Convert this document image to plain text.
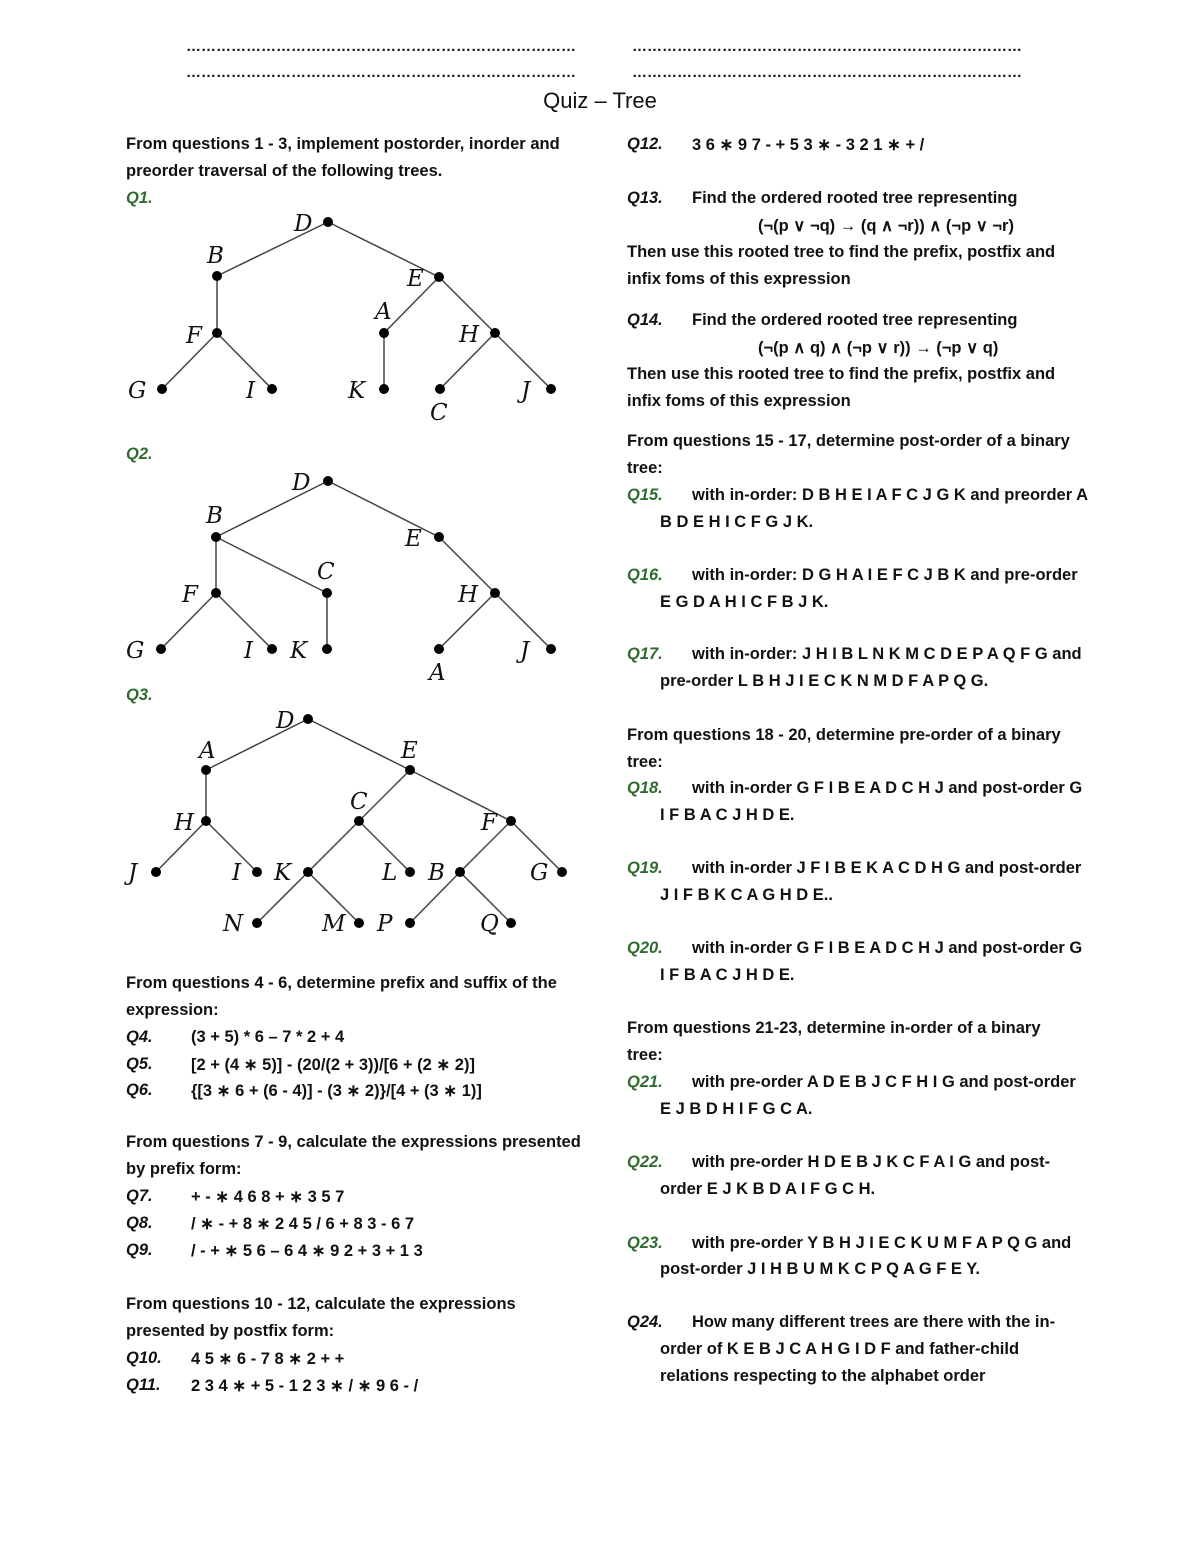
……………………………………………………………………	……………………………………………………………………
……………………………………………………………………	……………………………………………………………………
Quiz – Tree
From questions 1 - 3, implement postorder, inorder and
preorder traversal of the following trees.
Q1.
D
B
E
F
A
H
G	I	K
C
J
Q2.
D
B
E
C
F	H
G	I K
A
J
Q3.
D
A	E
C
H	F
J	I K	L B	G
N	M P	Q
From questions 4 - 6, determine prefix and suffix of the
expression:
Q4. (3 + 5) * 6 – 7 * 2 + 4
Q5. [2 + (4 ∗ 5)] - (20/(2 + 3))/[6 + (2 ∗ 2)]
Q6. {[3 ∗ 6 + (6 - 4)] - (3 ∗ 2)}/[4 + (3 ∗ 1)]
From questions 7 - 9, calculate the expressions presented
by prefix form:
Q7. + - ∗ 4 6 8 + ∗ 3 5 7
Q8. / ∗ - + 8 ∗ 2 4 5 / 6 + 8 3 - 6 7
Q9. / - + ∗ 5 6 – 6 4 ∗ 9 2 + 3 + 1 3
From questions 10 - 12, calculate the expressions
presented by postfix form:
Q10. 4 5 ∗ 6 - 7 8 ∗ 2 + +
Q11. 2 3 4 ∗ + 5 - 1 2 3 ∗ / ∗ 9 6 - /
Q12. 3 6 ∗ 9 7 - + 5 3 ∗ - 3 2 1 ∗ + /
Q13. Find the ordered rooted tree representing
(¬(p ∨ ¬q) → (q ∧ ¬r)) ∧ (¬p ∨ ¬r)
Then use this rooted tree to find the prefix, postfix and
infix foms of this expression
Q14. Find the ordered rooted tree representing
(¬(p ∧ q) ∧ (¬p ∨ r)) → (¬p ∨ q)
Then use this rooted tree to find the prefix, postfix and
infix foms of this expression
From questions 15 - 17, determine post-order of a binary
tree:
Q15. with in-order: D B H E I A F C J G K and preorder A
B D E H I C F G J K.
Q16. with in-order: D G H A I E F C J B K and pre-order
E G D A H I C F B J K.
Q17. with in-order: J H I B L N K M C D E P A Q F G and
pre-order L B H J I E C K N M D F A P Q G.
From questions 18 - 20, determine pre-order of a binary
tree:
Q18. with in-order G F I B E A D C H J and post-order G
I F B A C J H D E.
Q19. with in-order J F I B E K A C D H G and post-order
J I F B K C A G H D E..
Q20. with in-order G F I B E A D C H J and post-order G
I F B A C J H D E.
From questions 21-23, determine in-order of a binary
tree:
Q21. with pre-order A D E B J C F H I G and post-order
E J B D H I F G C A.
Q22. with pre-order H D E B J K C F A I G and post-
order E J K B D A I F G C H.
Q23. with pre-order Y B H J I E C K U M F A P Q G and
post-order J I H B U M K C P Q A G F E Y.
Q24. How many different trees are there with the in-
order of K E B J C A H G I D F and father-child
relations respecting to the alphabet order
